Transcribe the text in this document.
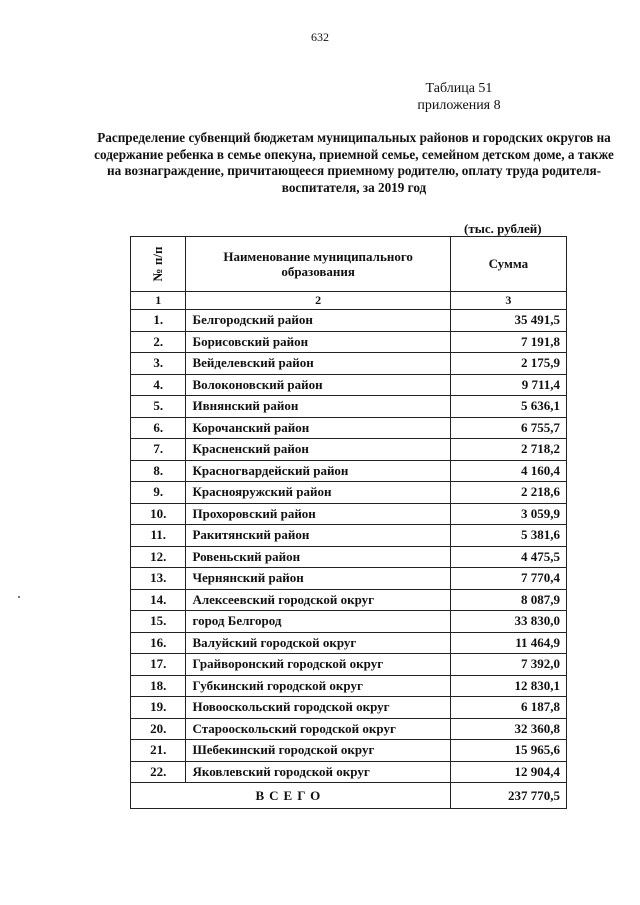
632
Таблица 51
приложения 8
Распределение субвенций бюджетам муниципальных районов и городских округов на содержание ребенка в семье опекуна, приемной семье, семейном детском доме, а также на вознаграждение, причитающееся приемному родителю, оплату труда родителя-воспитателя, за 2019 год
(тыс. рублей)
№ п/п	Наименование муниципального образования	Сумма
1	2	3
1.	Белгородский район	35 491,5
2.	Борисовский район	7 191,8
3.	Вейделевский район	2 175,9
4.	Волоконовский район	9 711,4
5.	Ивнянский район	5 636,1
6.	Корочанский район	6 755,7
7.	Красненский район	2 718,2
8.	Красногвардейский район	4 160,4
9.	Краснояружский район	2 218,6
10.	Прохоровский район	3 059,9
11.	Ракитянский район	5 381,6
12.	Ровеньский район	4 475,5
13.	Чернянский район	7 770,4
14.	Алексеевский городской округ	8 087,9
15.	город Белгород	33 830,0
16.	Валуйский городской округ	11 464,9
17.	Грайворонский городской округ	7 392,0
18.	Губкинский городской округ	12 830,1
19.	Новооскольский городской округ	6 187,8
20.	Старооскольский городской округ	32 360,8
21.	Шебекинский городской округ	15 965,6
22.	Яковлевский городской округ	12 904,4
ВСЕГО		237 770,5
